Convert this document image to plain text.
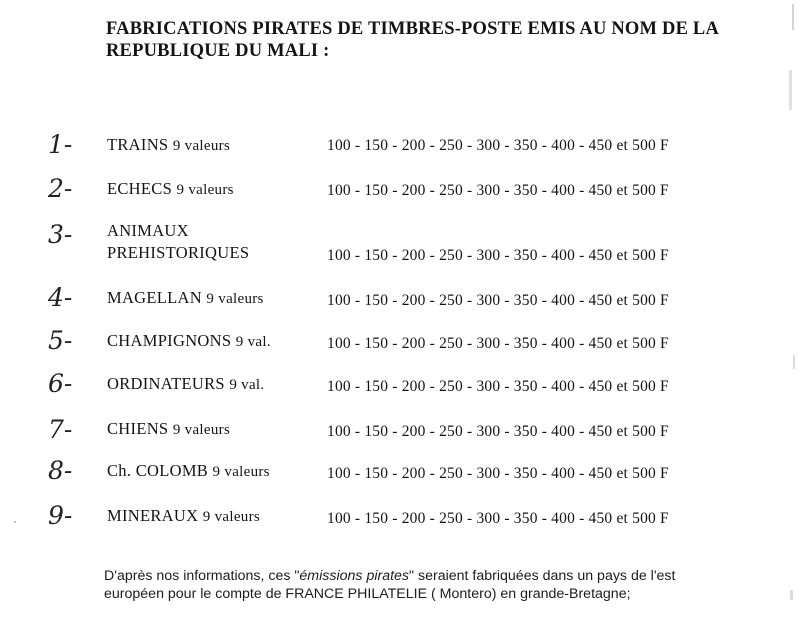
FABRICATIONS PIRATES DE TIMBRES-POSTE EMIS AU NOM DE LA
REPUBLIQUE DU MALI :
1- TRAINS 9 valeurs	100 - 150 - 200 - 250 - 300 - 350 - 400 - 450 et 500 F
2- ECHECS 9 valeurs	100 - 150 - 200 - 250 - 300 - 350 - 400 - 450 et 500 F
3- ANIMAUX
PREHISTORIQUES	100 - 150 - 200 - 250 - 300 - 350 - 400 - 450 et 500 F
4- MAGELLAN 9 valeurs	100 - 150 - 200 - 250 - 300 - 350 - 400 - 450 et 500 F
5- CHAMPIGNONS 9 val.	100 - 150 - 200 - 250 - 300 - 350 - 400 - 450 et 500 F
6- ORDINATEURS 9 val.	100 - 150 - 200 - 250 - 300 - 350 - 400 - 450 et 500 F
7- CHIENS 9 valeurs	100 - 150 - 200 - 250 - 300 - 350 - 400 - 450 et 500 F
8- Ch. COLOMB 9 valeurs	100 - 150 - 200 - 250 - 300 - 350 - 400 - 450 et 500 F
9- MINERAUX 9 valeurs	100 - 150 - 200 - 250 - 300 - 350 - 400 - 450 et 500 F
D'après nos informations, ces "émissions pirates" seraient fabriquées dans un pays de l'est
européen pour le compte de FRANCE PHILATELIE ( Montero) en grande-Bretagne;
